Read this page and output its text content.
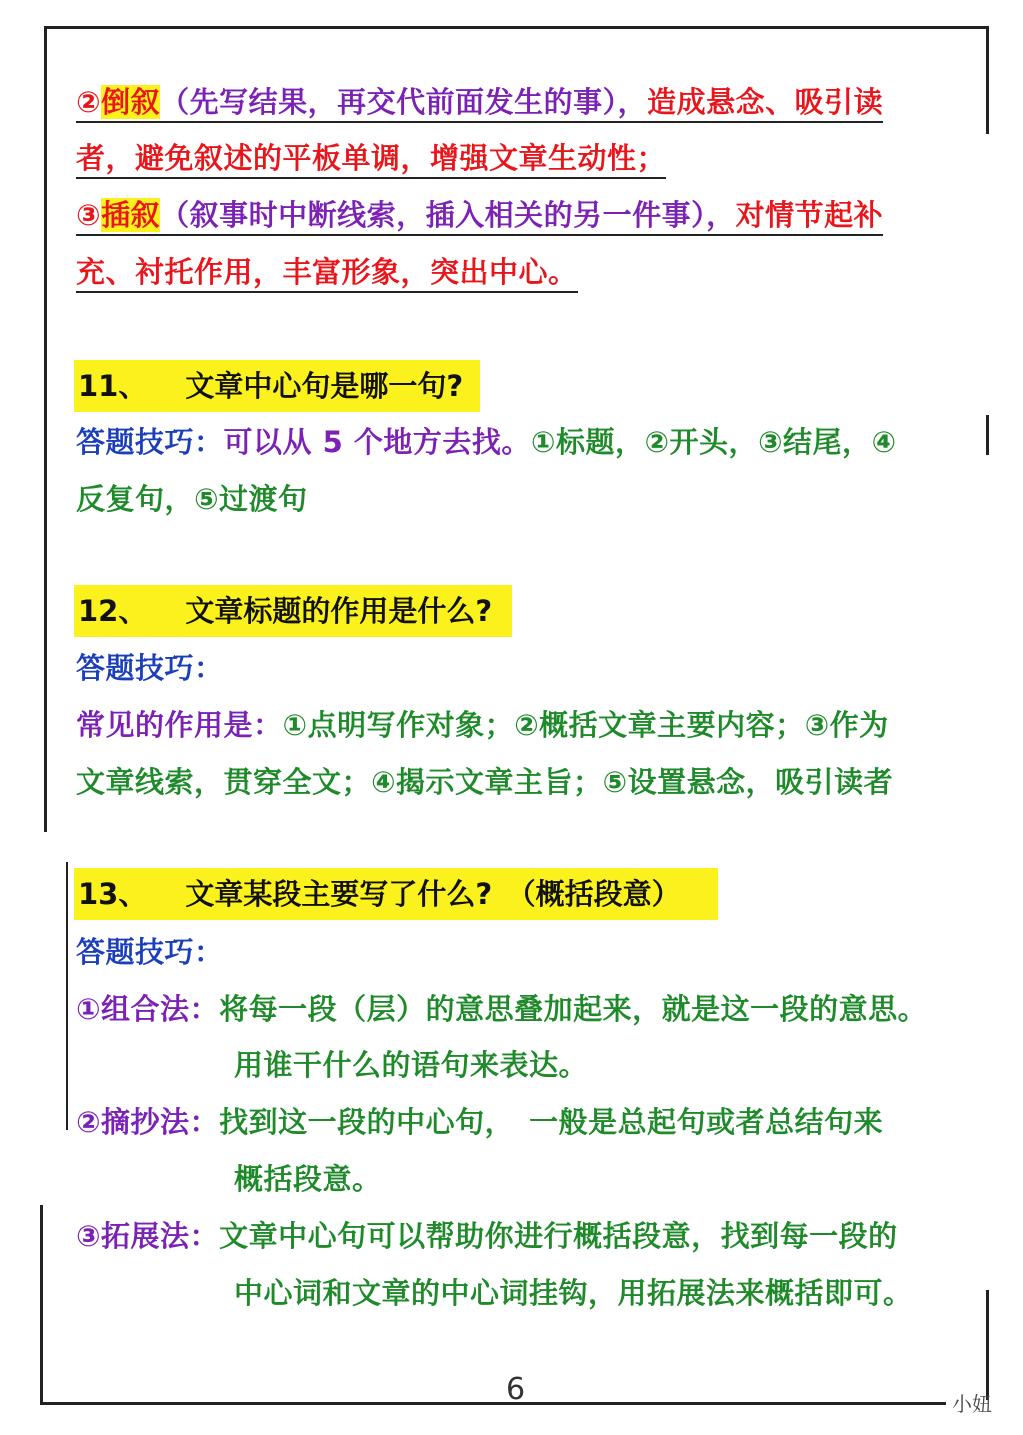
②倒叙（先写结果，再交代前面发生的事），造成悬念、吸引读
者，避免叙述的平板单调，增强文章生动性；
③插叙（叙事时中断线索，插入相关的另一件事），对情节起补
充、衬托作用，丰富形象，突出中心。
11、 文章中心句是哪一句?
答题技巧：可以从 5 个地方去找。①标题，②开头，③结尾，④
反复句，⑤过渡句
12、 文章标题的作用是什么?
答题技巧：
常见的作用是：①点明写作对象；②概括文章主要内容；③作为
文章线索，贯穿全文；④揭示文章主旨；⑤设置悬念，吸引读者
13、 文章某段主要写了什么?　（概括段意）
答题技巧：
①组合法：将每一段（层）的意思叠加起来，就是这一段的意思。
用谁干什么的语句来表达。
②摘抄法：找到这一段的中心句，　一般是总起句或者总结句来
概括段意。
③拓展法：文章中心句可以帮助你进行概括段意，找到每一段的
中心词和文章的中心词挂钩，用拓展法来概括即可。
6	小妞
